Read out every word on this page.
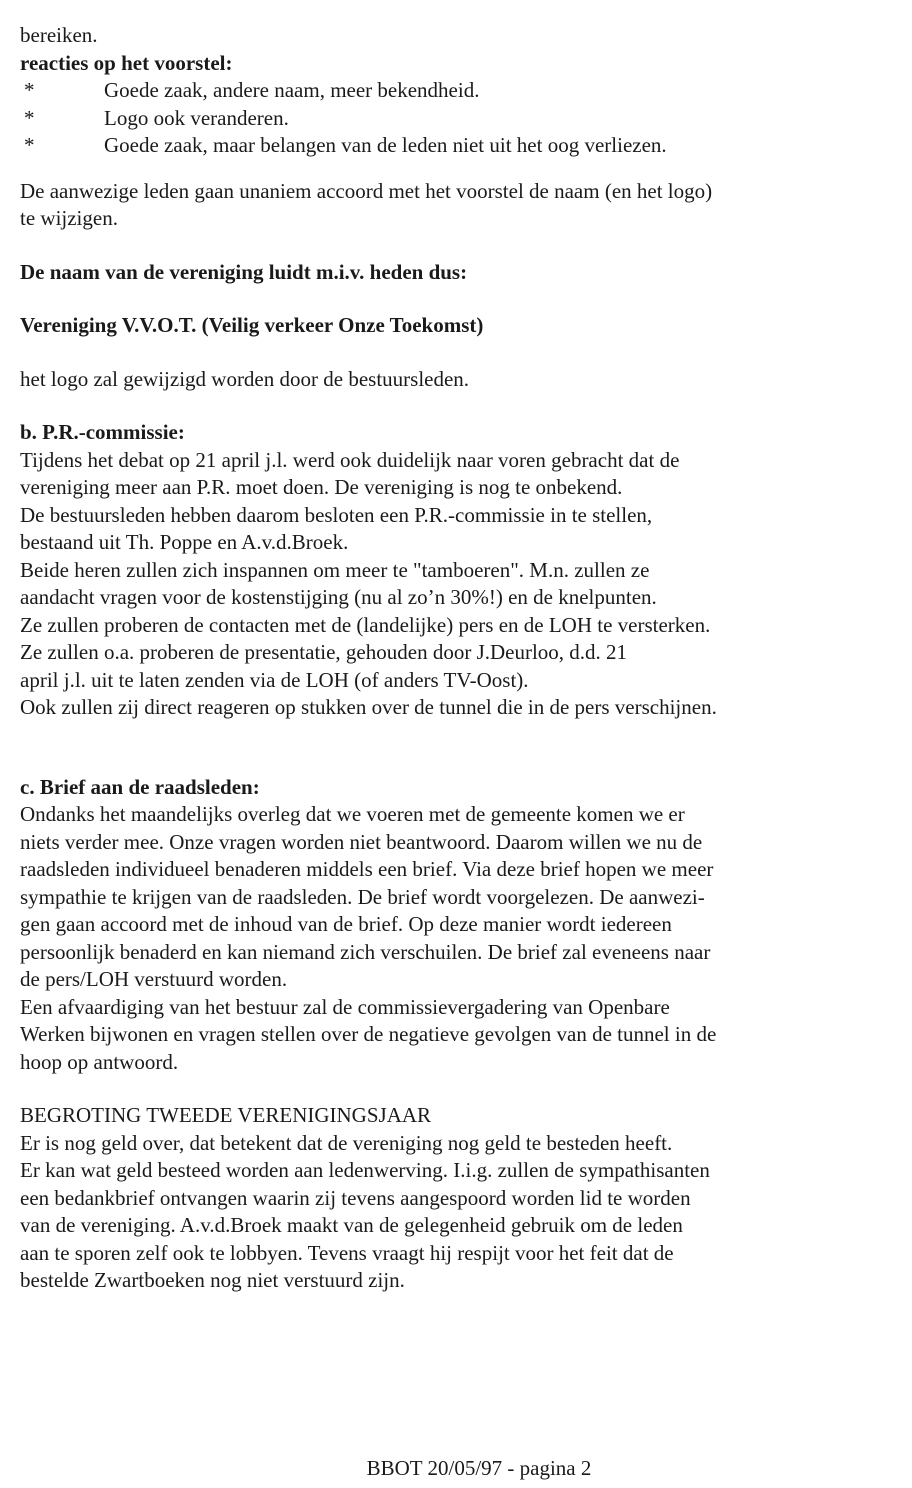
bereiken.
reacties op het voorstel:
*	Goede zaak, andere naam, meer bekendheid.
*	Logo ook veranderen.
*	Goede zaak, maar belangen van de leden niet uit het oog verliezen.
De aanwezige leden gaan unaniem accoord met het voorstel de naam (en het logo)
te wijzigen.
De naam van de vereniging luidt m.i.v. heden dus:
Vereniging V.V.O.T. (Veilig verkeer Onze Toekomst)
het logo zal gewijzigd worden door de bestuursleden.
b. P.R.-commissie:
Tijdens het debat op 21 april j.l. werd ook duidelijk naar voren gebracht dat de
vereniging meer aan P.R. moet doen. De vereniging is nog te onbekend.
De bestuursleden hebben daarom besloten een P.R.-commissie in te stellen,
bestaand uit Th. Poppe en A.v.d.Broek.
Beide heren zullen zich inspannen om meer te "tamboeren". M.n. zullen ze
aandacht vragen voor de kostenstijging (nu al zo’n 30%!) en de knelpunten.
Ze zullen proberen de contacten met de (landelijke) pers en de LOH te versterken.
Ze zullen o.a. proberen de presentatie, gehouden door J.Deurloo, d.d. 21
april j.l. uit te laten zenden via de LOH (of anders TV-Oost).
Ook zullen zij direct reageren op stukken over de tunnel die in de pers verschijnen.
c. Brief aan de raadsleden:
Ondanks het maandelijks overleg dat we voeren met de gemeente komen we er
niets verder mee. Onze vragen worden niet beantwoord. Daarom willen we nu de
raadsleden individueel benaderen middels een brief. Via deze brief hopen we meer
sympathie te krijgen van de raadsleden. De brief wordt voorgelezen. De aanwezi-
gen gaan accoord met de inhoud van de brief. Op deze manier wordt iedereen
persoonlijk benaderd en kan niemand zich verschuilen. De brief zal eveneens naar
de pers/LOH verstuurd worden.
Een afvaardiging van het bestuur zal de commissievergadering van Openbare
Werken bijwonen en vragen stellen over de negatieve gevolgen van de tunnel in de
hoop op antwoord.
BEGROTING TWEEDE VERENIGINGSJAAR
Er is nog geld over, dat betekent dat de vereniging nog geld te besteden heeft.
Er kan wat geld besteed worden aan ledenwerving. I.i.g. zullen de sympathisanten
een bedankbrief ontvangen waarin zij tevens aangespoord worden lid te worden
van de vereniging. A.v.d.Broek maakt van de gelegenheid gebruik om de leden
aan te sporen zelf ook te lobbyen. Tevens vraagt hij respijt voor het feit dat de
bestelde Zwartboeken nog niet verstuurd zijn.
BBOT 20/05/97 - pagina 2
